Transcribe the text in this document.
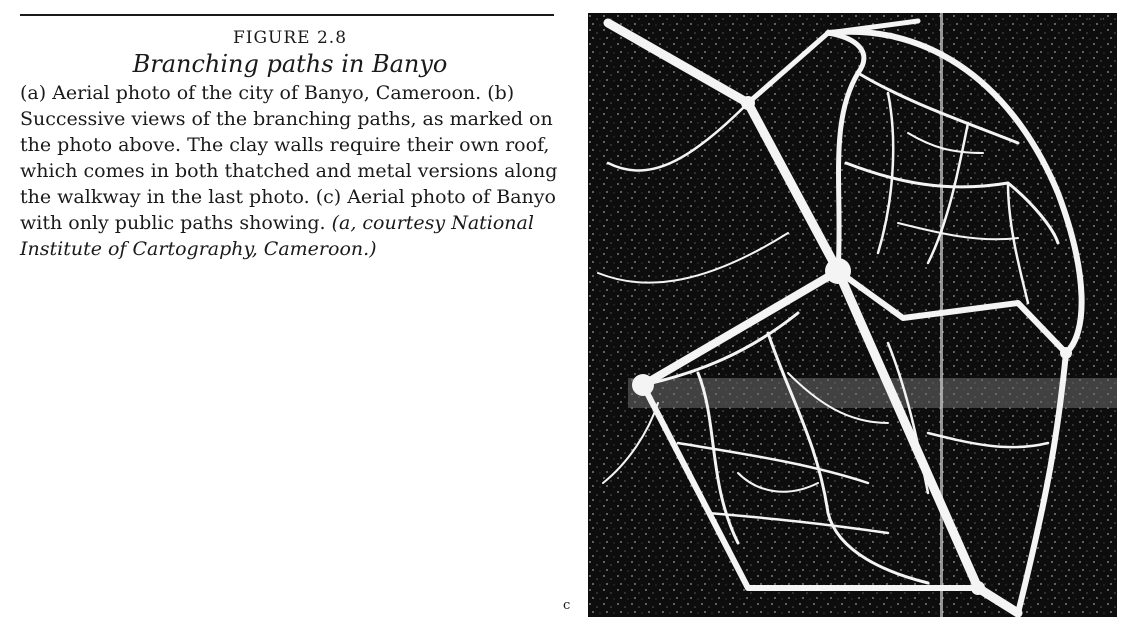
FIGURE 2.8
Branching paths in Banyo

(a) Aerial photo of the city of Banyo, Cameroon. (b) Successive views of the branching paths, as marked on the photo above. The clay walls require their own roof, which comes in both thatched and metal versions along the walkway in the last photo. (c) Aerial photo of Banyo with only public paths showing. (a, courtesy National Institute of Cartography, Cameroon.)

c
· · · ·
